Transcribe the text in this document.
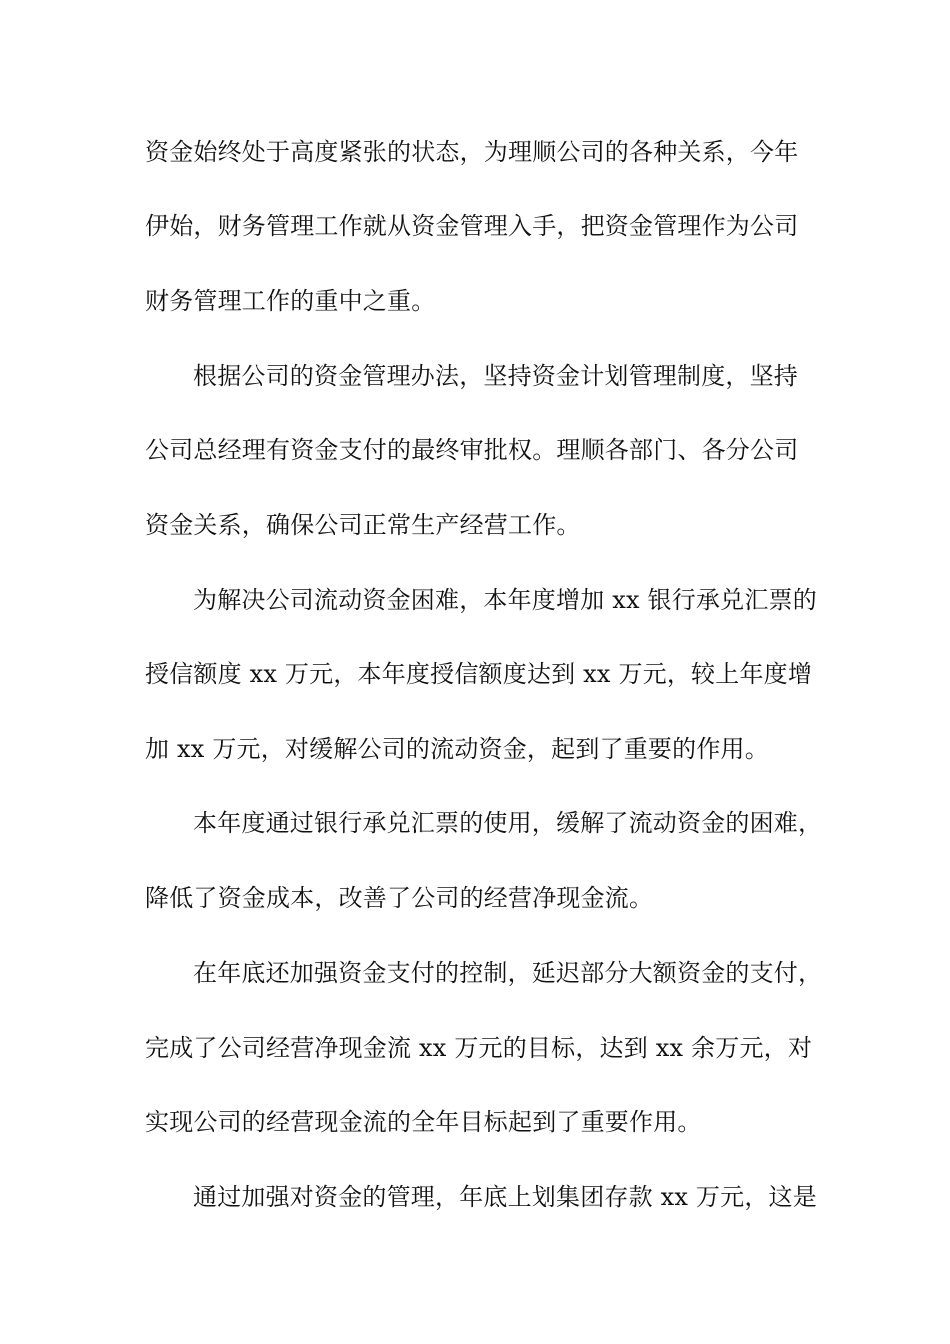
资金始终处于高度紧张的状态，为理顺公司的各种关系，今年
伊始，财务管理工作就从资金管理入手，把资金管理作为公司
财务管理工作的重中之重。
根据公司的资金管理办法，坚持资金计划管理制度，坚持
公司总经理有资金支付的最终审批权。理顺各部门、各分公司
资金关系，确保公司正常生产经营工作。
为解决公司流动资金困难，本年度增加 xx 银行承兑汇票的
授信额度 xx 万元，本年度授信额度达到 xx 万元，较上年度增
加 xx 万元，对缓解公司的流动资金，起到了重要的作用。
本年度通过银行承兑汇票的使用，缓解了流动资金的困难，
降低了资金成本，改善了公司的经营净现金流。
在年底还加强资金支付的控制，延迟部分大额资金的支付，
完成了公司经营净现金流 xx 万元的目标，达到 xx 余万元，对
实现公司的经营现金流的全年目标起到了重要作用。
通过加强对资金的管理，年底上划集团存款 xx 万元，这是
